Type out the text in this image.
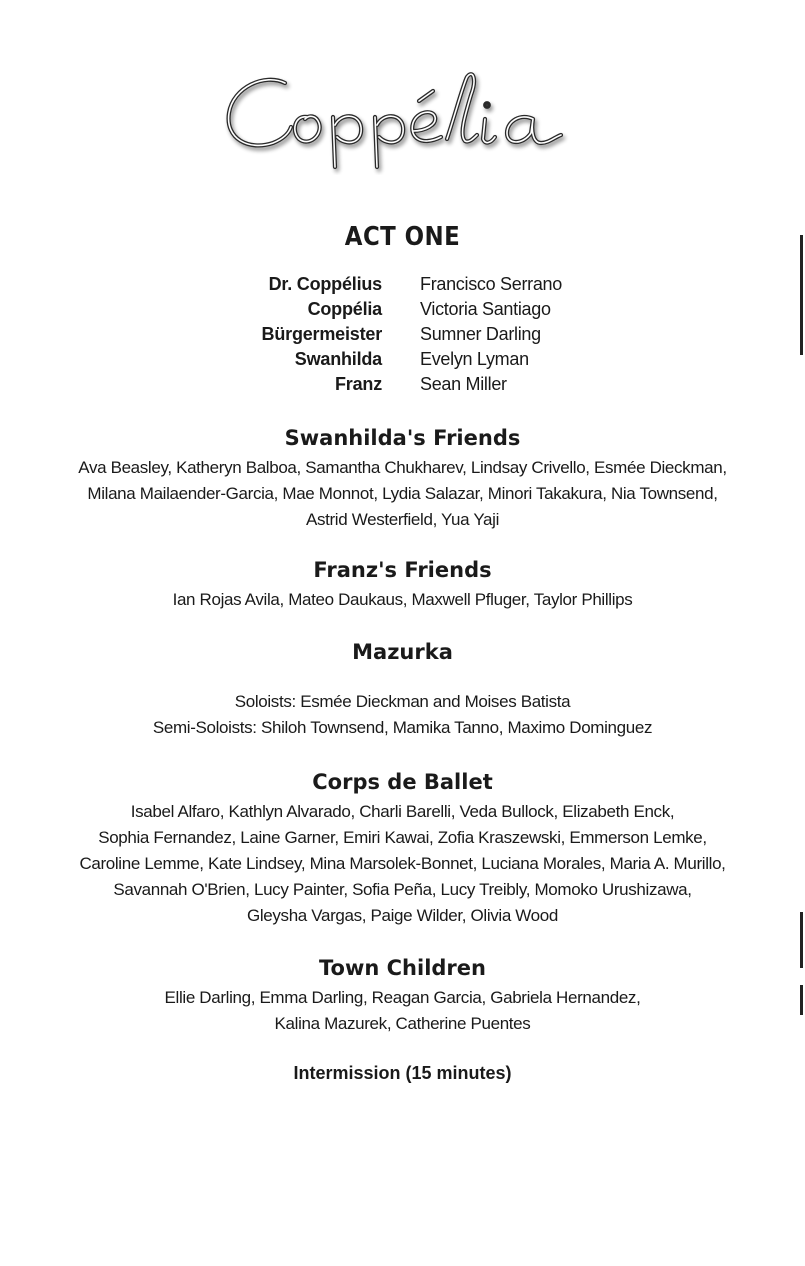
ACT ONE
Dr. Coppélius Francisco Serrano
Coppélia Victoria Santiago
Bürgermeister Sumner Darling
Swanhilda Evelyn Lyman
Franz Sean Miller
Swanhilda's Friends
Ava Beasley, Katheryn Balboa, Samantha Chukharev, Lindsay Crivello, Esmée Dieckman,
Milana Mailaender-Garcia, Mae Monnot, Lydia Salazar, Minori Takakura, Nia Townsend,
Astrid Westerfield, Yua Yaji
Franz's Friends
Ian Rojas Avila, Mateo Daukaus, Maxwell Pfluger, Taylor Phillips
Mazurka
Soloists: Esmée Dieckman and Moises Batista
Semi-Soloists: Shiloh Townsend, Mamika Tanno, Maximo Dominguez
Corps de Ballet
Isabel Alfaro, Kathlyn Alvarado, Charli Barelli, Veda Bullock, Elizabeth Enck,
Sophia Fernandez, Laine Garner, Emiri Kawai, Zofia Kraszewski, Emmerson Lemke,
Caroline Lemme, Kate Lindsey, Mina Marsolek-Bonnet, Luciana Morales, Maria A. Murillo,
Savannah O'Brien, Lucy Painter, Sofia Peña, Lucy Treibly, Momoko Urushizawa,
Gleysha Vargas, Paige Wilder, Olivia Wood
Town Children
Ellie Darling, Emma Darling, Reagan Garcia, Gabriela Hernandez,
Kalina Mazurek, Catherine Puentes
Intermission (15 minutes)
